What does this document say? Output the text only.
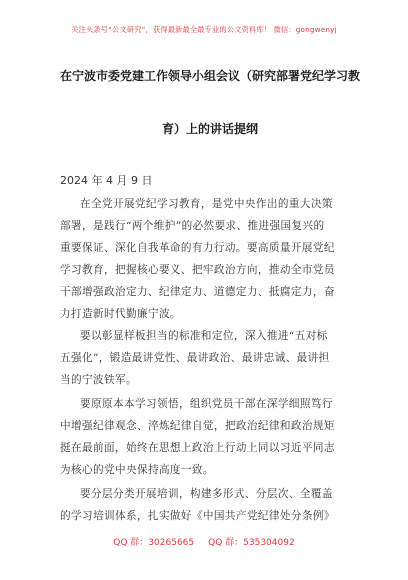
关注头条号“公文研究”，获得最新最全最专业的公文资料库！ 微信：gongwenyj
在宁波市委党建工作领导小组会议（研究部署党纪学习教
育）上的讲话提纲
2024 年 4 月 9 日
在全党开展党纪学习教育，是党中央作出的重大决策
部署，是践行“两个维护”的必然要求、推进强国复兴的
重要保证、深化自我革命的有力行动。要高质量开展党纪
学习教育，把握核心要义、把牢政治方向，推动全市党员
干部增强政治定力、纪律定力、道德定力、抵腐定力，奋
力打造新时代勤廉宁波。
要以彰显样板担当的标准和定位，深入推进“五对标
五强化”，锻造最讲党性、最讲政治、最讲忠诚、最讲担
当的宁波铁军。
要原原本本学习领悟，组织党员干部在深学细照笃行
中增强纪律观念、淬炼纪律自觉，把政治纪律和政治规矩
挺在最前面，始终在思想上政治上行动上同以习近平同志
为核心的党中央保持高度一致。
要分层分类开展培训，构建多形式、分层次、全覆盖
的学习培训体系，扎实做好《中国共产党纪律处分条例》
QQ 群：30265665 QQ 群：535304092
